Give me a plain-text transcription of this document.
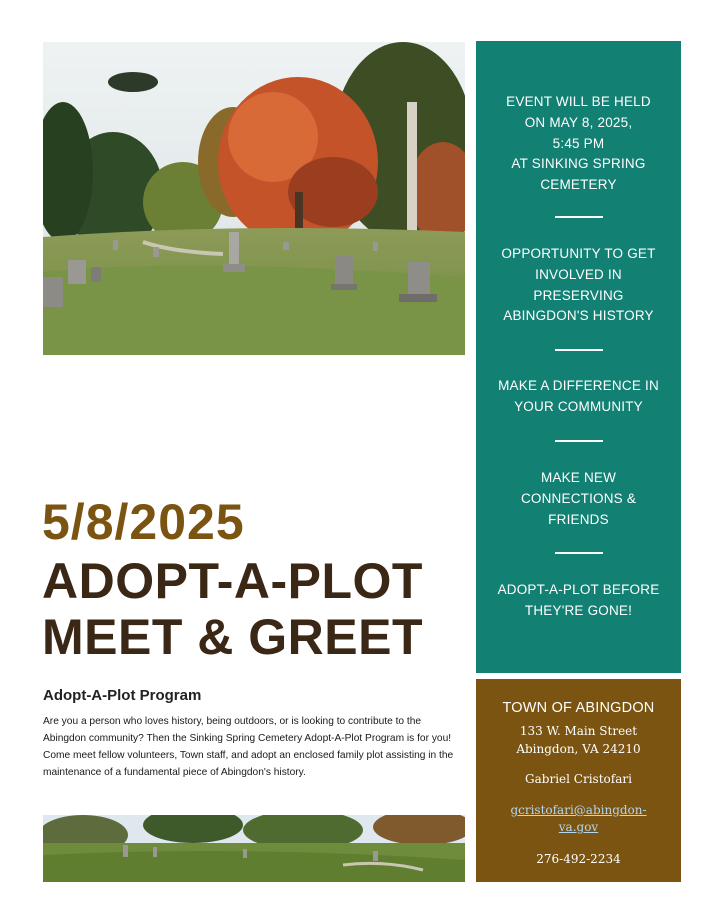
EVENT WILL BE HELD
ON MAY 8, 2025,
5:45 PM
AT SINKING SPRING
CEMETERY
OPPORTUNITY TO GET
INVOLVED IN
PRESERVING
ABINGDON'S HISTORY
MAKE A DIFFERENCE IN
YOUR COMMUNITY
MAKE NEW
CONNECTIONS &
FRIENDS
ADOPT-A-PLOT BEFORE
THEY'RE GONE!
TOWN OF ABINGDON
133 W. Main Street
Abingdon, VA 24210
Gabriel Cristofari
gcristofari@abingdon-va.gov
276-492-2234
5/8/2025
ADOPT-A-PLOT
MEET & GREET
Adopt-A-Plot Program
Are you a person who loves history, being outdoors, or is looking to contribute to the Abingdon community? Then the Sinking Spring Cemetery Adopt-A-Plot Program is for you! Come meet fellow volunteers, Town staff, and adopt an enclosed family plot assisting in the maintenance of a fundamental piece of Abingdon's history.
